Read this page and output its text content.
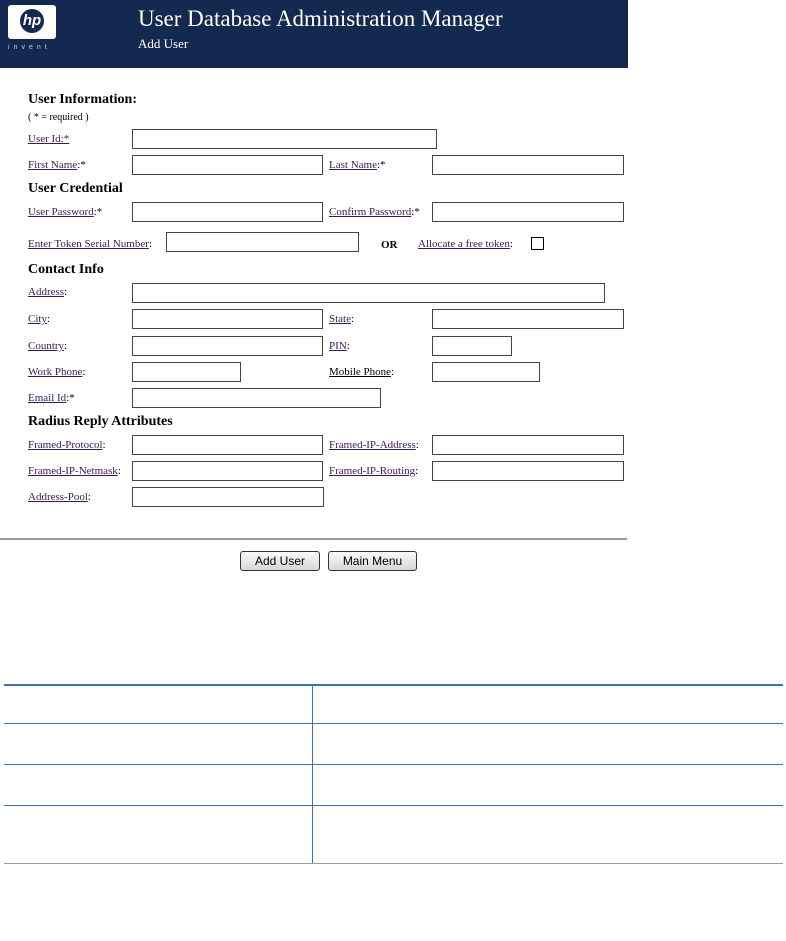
hp
invent
User Database Administration Manager
Add User
User Information:
( * = required )
User Id:*
First Name:*	Last Name:*
User Credential
User Password:*	Confirm Password:*
Enter Token Serial Number:	OR Allocate a free token:
Contact Info
Address:
City:	State:
Country:	PIN:
Work Phone:	Mobile Phone:
Email Id:*
Radius Reply Attributes
Framed-Protocol:	Framed-IP-Address:
Framed-IP-Netmask:	Framed-IP-Routing:
Address-Pool:
Add User	Main Menu
